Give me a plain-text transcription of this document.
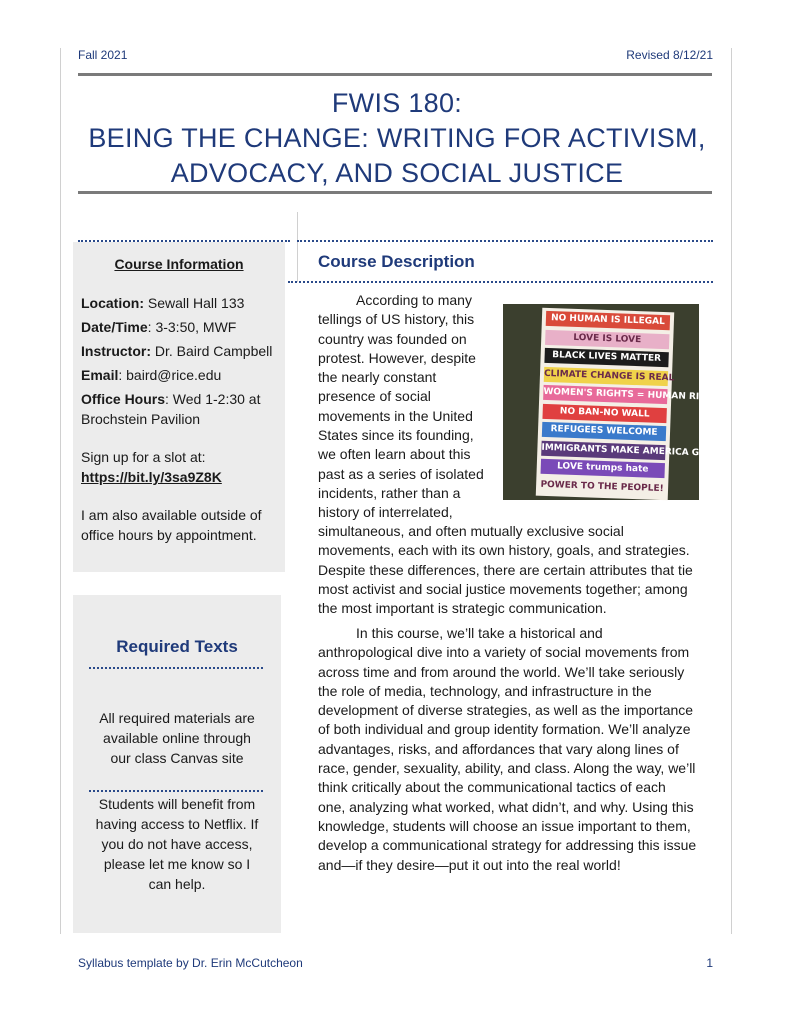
Fall 2021	Revised 8/12/21
FWIS 180:
BEING THE CHANGE: WRITING FOR ACTIVISM,
ADVOCACY, AND SOCIAL JUSTICE
Course Information

Location: Sewall Hall 133

Date/Time: 3-3:50, MWF

Instructor: Dr. Baird Campbell

Email: baird@rice.edu

Office Hours: Wed 1-2:30 at

Brochstein Pavilion

Sign up for a slot at:

https://bit.ly/3sa9Z8K

I am also available outside of

office hours by appointment.

Required Texts
All required materials are
available online through
our class Canvas site
Students will benefit from
having access to Netflix. If
you do not have access,
please let me know so I
can help.
Course Description
According to many
tellings of US history, this
country was founded on
protest. However, despite
the nearly constant
presence of social
movements in the United
States since its founding,
we often learn about this
past as a series of isolated
incidents, rather than a
history of interrelated,
NO HUMAN IS ILLEGAL
LOVE IS LOVE
BLACK LIVES MATTER
CLIMATE CHANGE IS REAL
WOMEN'S RIGHTS = HUMAN RIGHTS
NO BAN-NO WALL
REFUGEES WELCOME
IMMIGRANTS MAKE AMERICA GREAT
LOVE trumps hate
POWER TO THE PEOPLE!
simultaneous, and often mutually exclusive social
movements, each with its own history, goals, and strategies.
Despite these differences, there are certain attributes that tie
most activist and social justice movements together; among
the most important is strategic communication.
In this course, we’ll take a historical and
anthropological dive into a variety of social movements from
across time and from around the world. We’ll take seriously
the role of media, technology, and infrastructure in the
development of diverse strategies, as well as the importance
of both individual and group identity formation. We’ll analyze
advantages, risks, and affordances that vary along lines of
race, gender, sexuality, ability, and class. Along the way, we’ll
think critically about the communicational tactics of each
one, analyzing what worked, what didn’t, and why. Using this
knowledge, students will choose an issue important to them,
develop a communicational strategy for addressing this issue
and—if they desire—put it out into the real world!
Syllabus template by Dr. Erin McCutcheon	1
